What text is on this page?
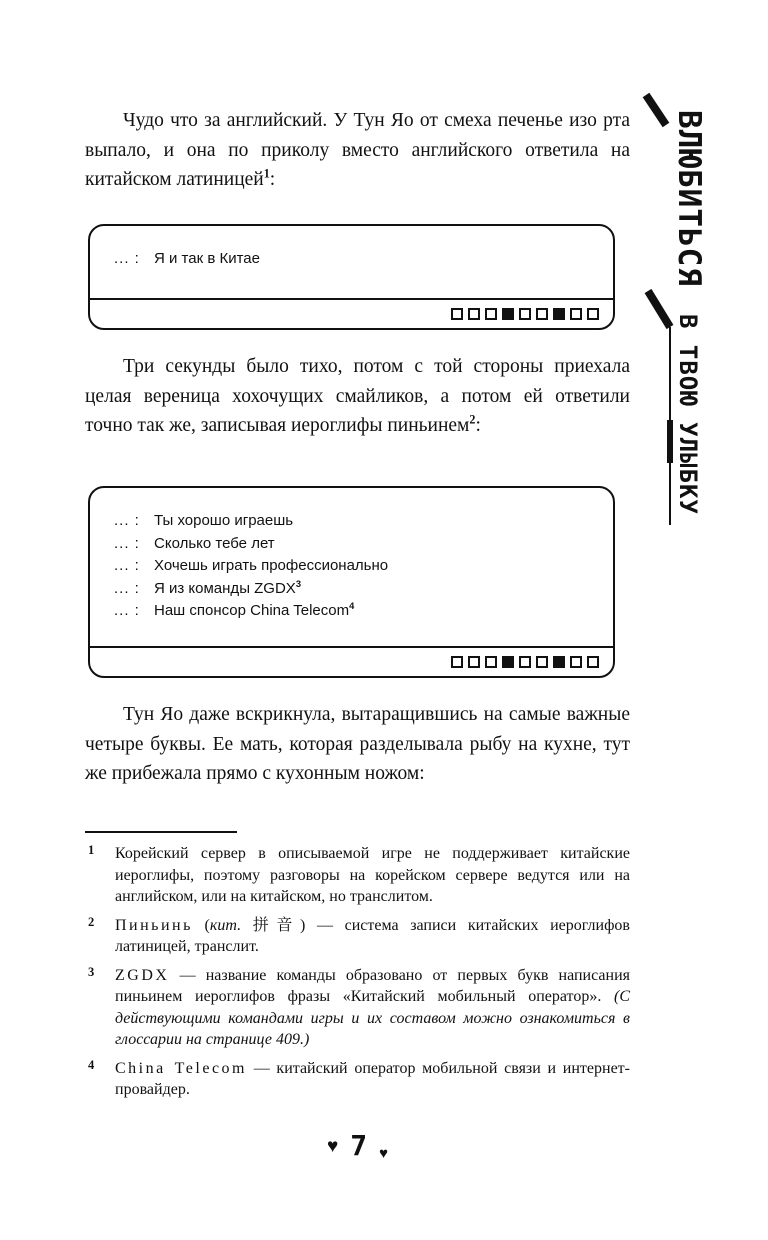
Чудо что за английский. У Тун Яо от смеха печенье изо рта выпало, и она по приколу вместо английского ответила на китайском латиницей$^1$:

... : Я и так в Китае

Три секунды было тихо, потом с той стороны приехала целая вереница хохочущих смайликов, а потом ей ответили точно так же, записывая иероглифы пиньинем$^2$:

... : Ты хорошо играешь
... : Сколько тебе лет
... : Хочешь играть профессионально
... : Я из команды ZGDX$^3$
... : Наш спонсор China Telecom$^4$

Тун Яо даже вскрикнула, вытаращившись на самые важные четыре буквы. Ее мать, которая разделывала рыбу на кухне, тут же прибежала прямо с кухонным ножом:

1 Корейский сервер в описываемой игре не поддерживает китайские иероглифы, поэтому разговоры на корейском сервере ведутся или на английском, или на китайском, но транслитом.
2 Пиньинь (кит. 拼音) — система записи китайских иероглифов латиницей, транслит.
3 ZGDX — название команды образовано от первых букв написания пиньинем иероглифов фразы «Китайский мобильный оператор». (С действующими командами игры и их составом можно ознакомиться в глоссарии на странице 409.)
4 China Telecom — китайский оператор мобильной связи и интернет-провайдер.
♥ 7 ♥
ВЛЮБИТЬСЯ
В ТВОЮ УЛЫБКУ
